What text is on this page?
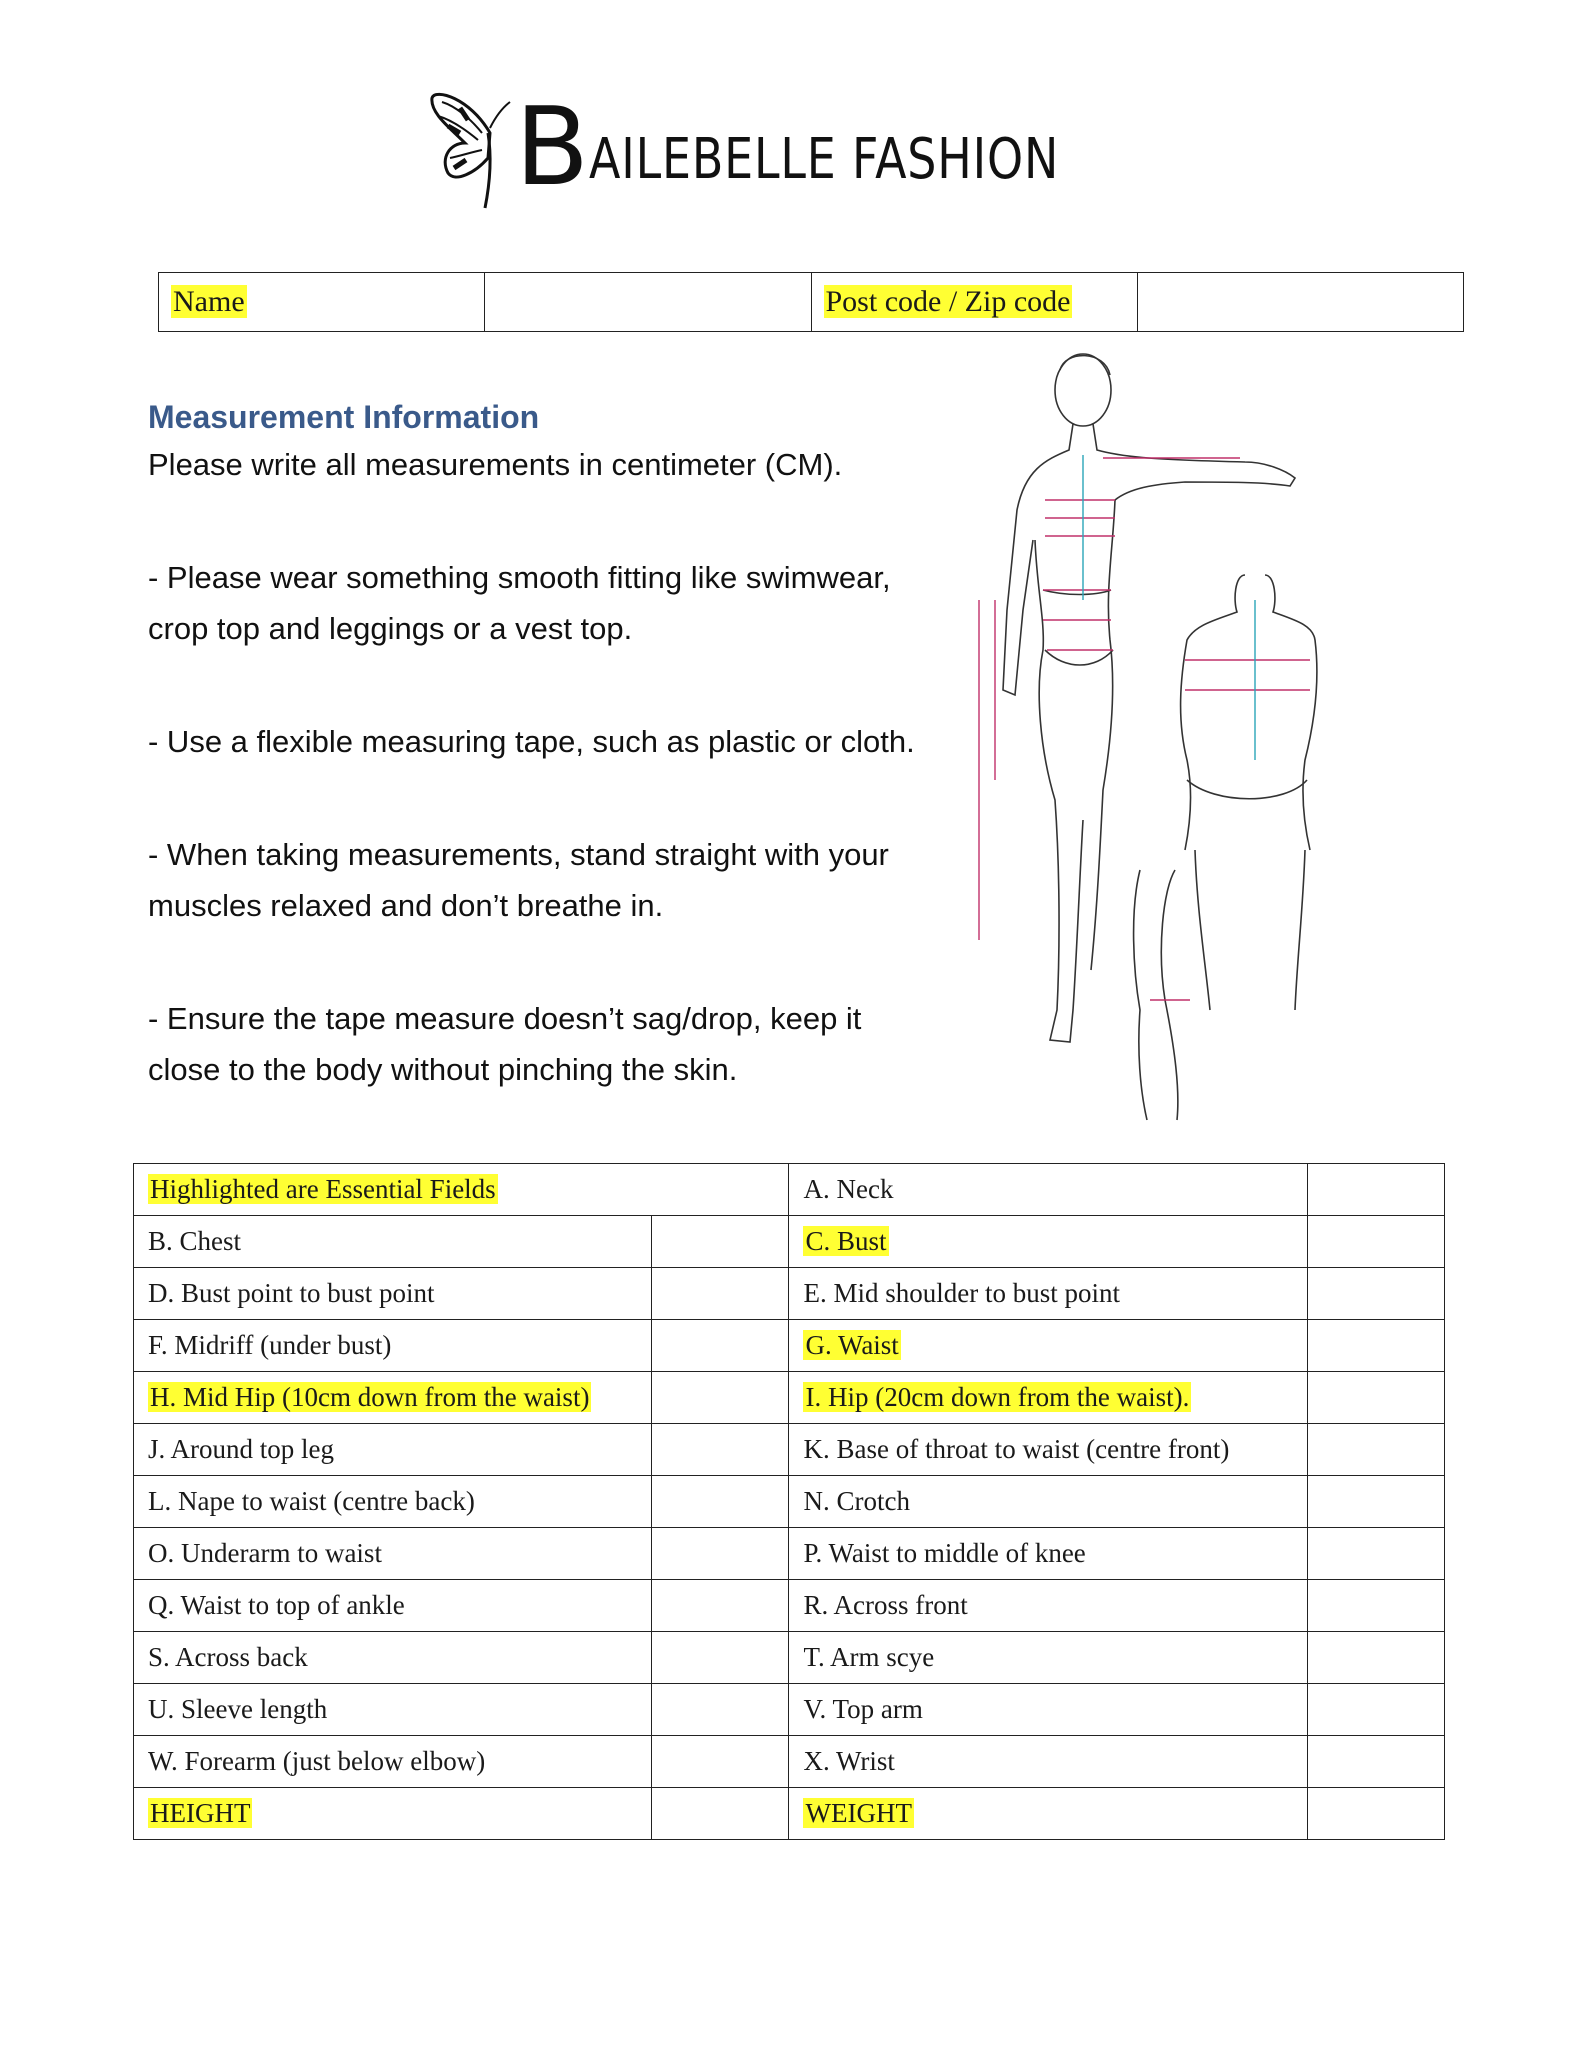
BAILEBELLE FASHION
Name		Post code / Zip code	
Measurement Information

Please write all measurements in centimeter (CM).

- Please wear something smooth fitting like swimwear,

crop top and leggings or a vest top.

- Use a flexible measuring tape, such as plastic or cloth.

- When taking measurements, stand straight with your

muscles relaxed and don’t breathe in.

- Ensure the tape measure doesn’t sag/drop, keep it

close to the body without pinching the skin.

Highlighted are Essential Fields		A. Neck	
B. Chest		C. Bust	
D. Bust point to bust point		E. Mid shoulder to bust point	
F. Midriff (under bust)		G. Waist	
H. Mid Hip (10cm down from the waist)		I. Hip (20cm down from the waist).	
J. Around top leg		K. Base of throat to waist (centre front)	
L. Nape to waist (centre back)		N. Crotch	
O. Underarm to waist		P. Waist to middle of knee	
Q. Waist to top of ankle		R. Across front	
S. Across back		T. Arm scye	
U. Sleeve length		V. Top arm	
W. Forearm (just below elbow)		X. Wrist	
HEIGHT		WEIGHT	
